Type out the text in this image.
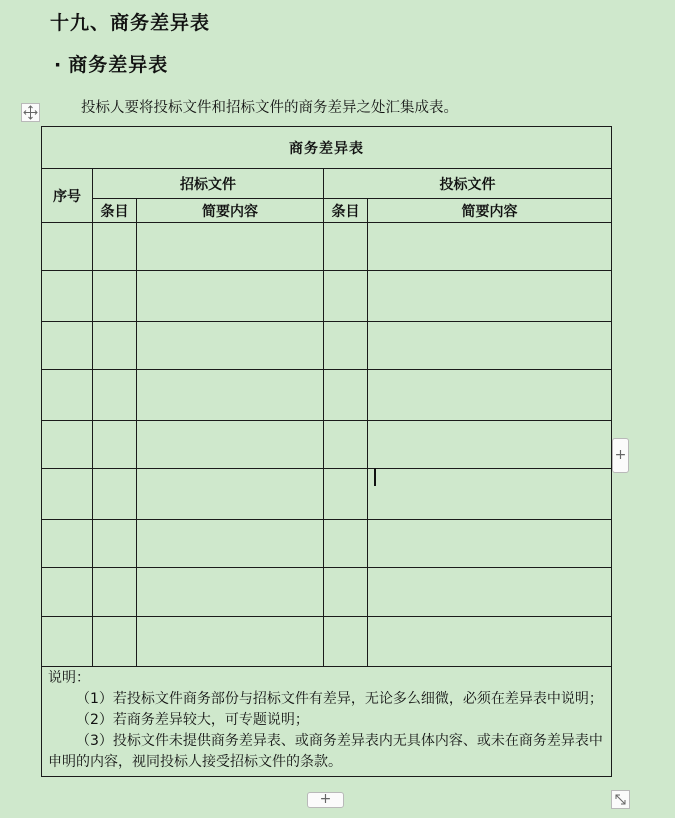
十九、商务差异表
· 商务差异表
投标人要将投标文件和招标文件的商务差异之处汇集成表。
商务差异表				
序号	招标文件		投标文件	
	条目	简要内容	条目	简要内容

说明：
（1）若投标文件商务部份与招标文件有差异，无论多么细微，必须在差异表中说明；
（2）若商务差异较大，可专题说明；
（3）投标文件未提供商务差异表、或商务差异表内无具体内容、或未在商务差异表中申明的内容，视同投标人接受招标文件的条款。				
+
+
